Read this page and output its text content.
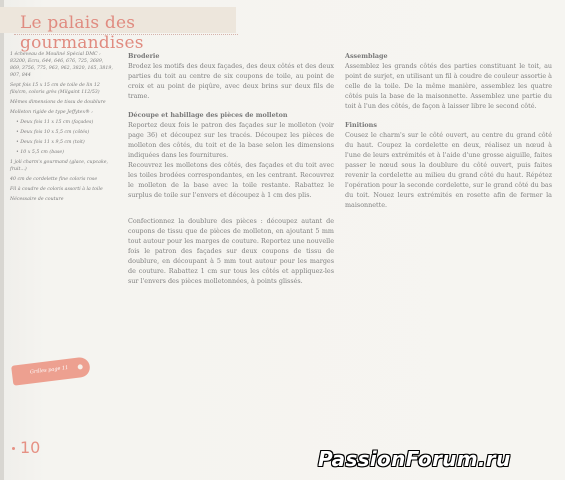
Le palais des gourmandises

1 écheveau de Mouliné Spécial DMC : 83200, Ecru, 644, 646, 676, 725, 3689, 869, 3756, 775, 963, 962, 3820, 165, 3819, 907, 844

Sept fois 15 x 15 cm de toile de lin 12 fils/cm, coloris grès (Milgaint 112/53)

Mêmes dimensions de tissu de doublure

Molleton rigide de type Jeffytex® :

• Deux fois 11 x 15 cm (façades)
• Deux fois 10 x 5,5 cm (côtés)
• Deux fois 11 x 9,5 cm (toit)
• 10 x 5,5 cm (base)

1 joli charm's gourmand (glace, cupcake, fruit...)

40 cm de cordelette fine coloris rose

Fil à coudre de coloris assorti à la toile

Nécessaire de couture

Grilles page 11
10

Broderie

Brodez les motifs des deux façades, des deux côtés et des deux parties du toit au centre de six coupons de toile, au point de croix et au point de piqûre, avec deux brins sur deux fils de trame.

Découpe et habillage des pièces de molleton

Reportez deux fois le patron des façades sur le molleton (voir page 36) et découpez sur les tracés. Découpez les pièces de molleton des côtés, du toit et de la base selon les dimensions indiquées dans les fournitures.

Recouvrez les molletons des côtés, des façades et du toit avec les toiles brodées correspondantes, en les centrant. Recouvrez le molleton de la base avec la toile restante. Rabattez le surplus de toile sur l'envers et découpez à 1 cm des plis.

Confectionnez la doublure des pièces : découpez autant de coupons de tissu que de pièces de molleton, en ajoutant 5 mm tout autour pour les marges de couture. Reportez une nouvelle fois le patron des façades sur deux coupons de tissu de doublure, en découpant à 5 mm tout autour pour les marges de couture. Rabattez 1 cm sur tous les côtés et appliquez-les sur l'envers des pièces molletonnées, à points glissés.

Assemblage

Assemblez les grands côtés des parties constituant le toit, au point de surjet, en utilisant un fil à coudre de couleur assortie à celle de la toile. De la même manière, assemblez les quatre côtés puis la base de la maisonnette. Assemblez une partie du toit à l'un des côtés, de façon à laisser libre le second côté.

Finitions

Cousez le charm's sur le côté ouvert, au centre du grand côté du haut. Coupez la cordelette en deux, réalisez un nœud à l'une de leurs extrémités et à l'aide d'une grosse aiguille, faites passer le nœud sous la doublure du côté ouvert, puis faites revenir la cordelette au milieu du grand côté du haut. Répétez l'opération pour la seconde cordelette, sur le grand côté du bas du toit. Nouez leurs extrémités en rosette afin de fermer la maisonnette.

PassionForum.ru
